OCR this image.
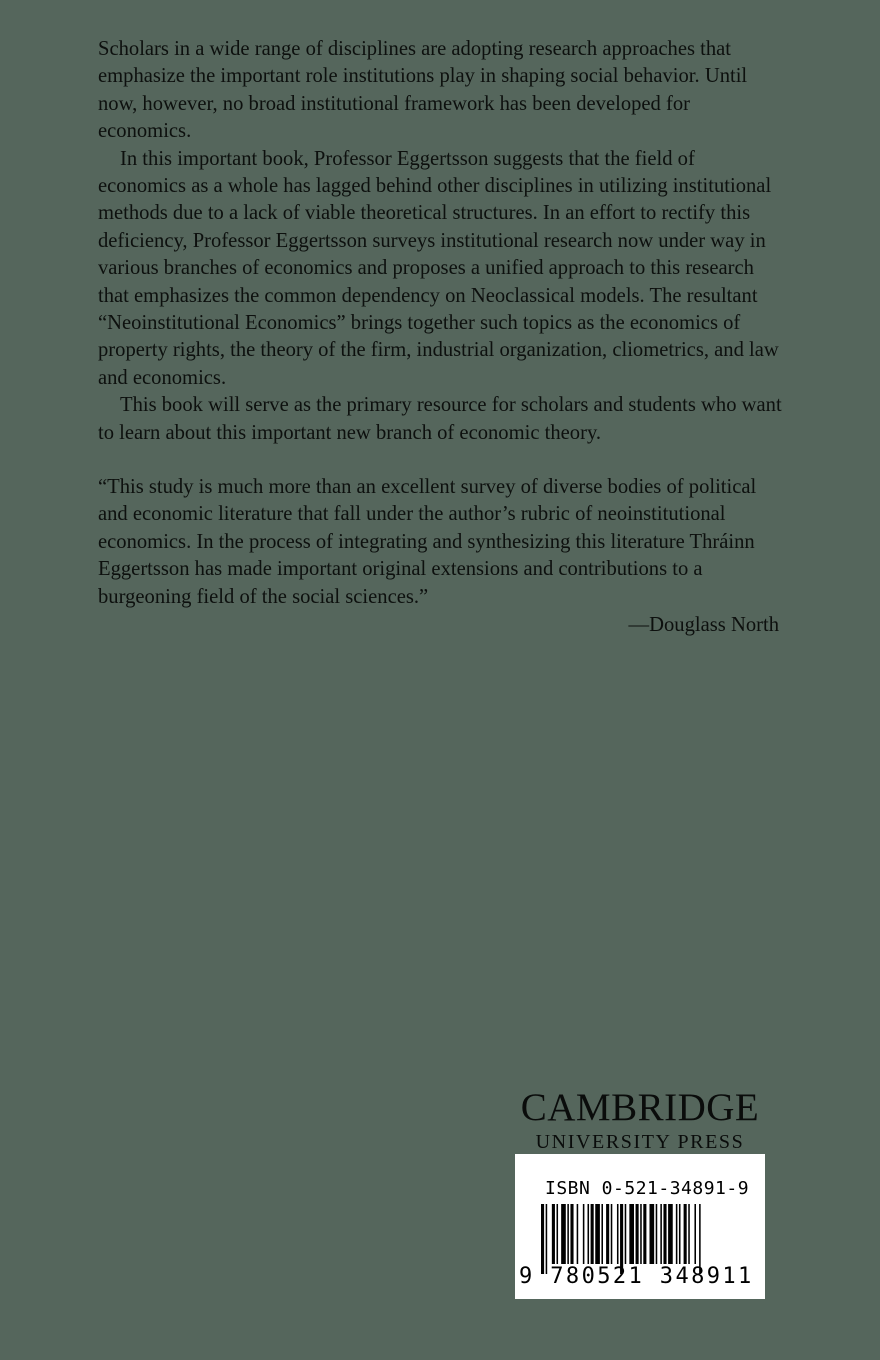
Scholars in a wide range of disciplines are adopting research approaches that emphasize the important role institutions play in shaping social behavior. Until now, however, no broad institutional framework has been developed for economics.

In this important book, Professor Eggertsson suggests that the field of economics as a whole has lagged behind other disciplines in utilizing institutional methods due to a lack of viable theoretical structures. In an effort to rectify this deficiency, Professor Eggertsson surveys institutional research now under way in various branches of economics and proposes a unified approach to this research that emphasizes the common dependency on Neoclassical models. The resultant “Neoinstitutional Economics” brings together such topics as the economics of property rights, the theory of the firm, industrial organization, cliometrics, and law and economics.

This book will serve as the primary resource for scholars and students who want to learn about this important new branch of economic theory.

“This study is much more than an excellent survey of diverse bodies of political and economic literature that fall under the author’s rubric of neoinstitutional economics. In the process of integrating and synthesizing this literature Thráinn Eggertsson has made important original extensions and contributions to a burgeoning field of the social sciences.”

—Douglass North
CAMBRIDGE
UNIVERSITY PRESS
ISBN 0-521-34891-9
9 780521 348911
